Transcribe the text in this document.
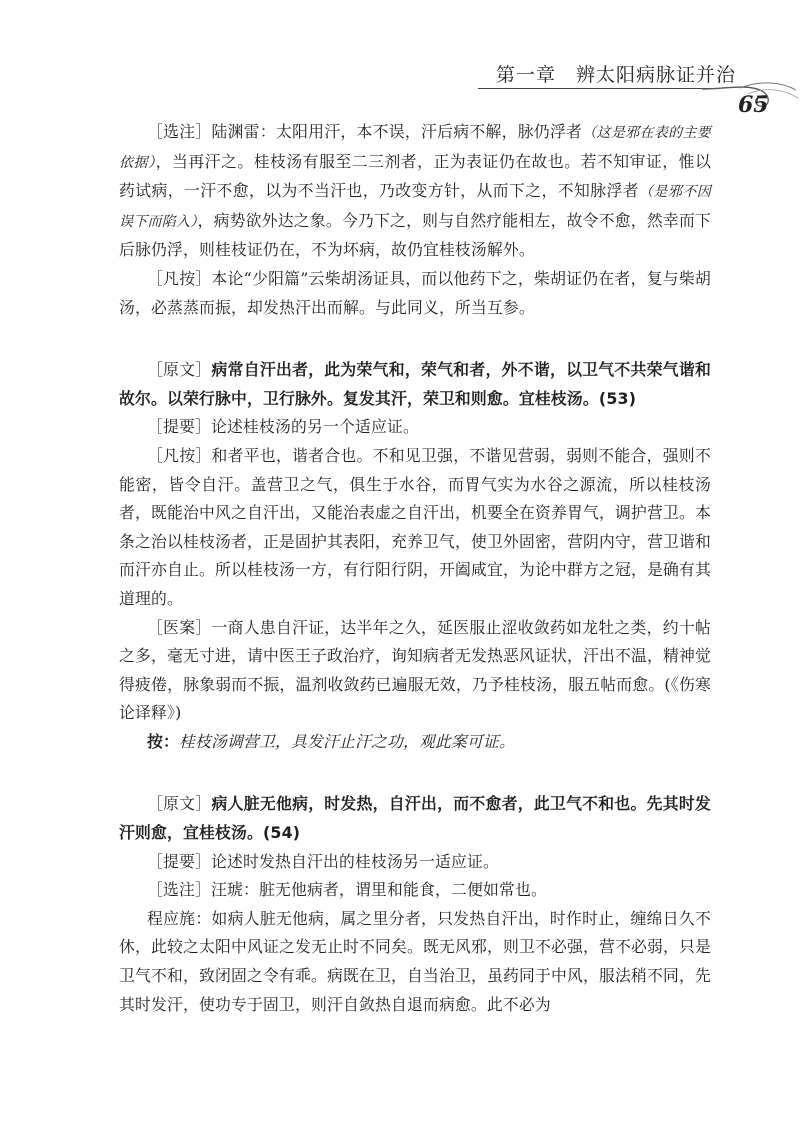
第一章　辨太阳病脉证并治
65

［选注］陆渊雷：太阳用汗，本不误，汗后病不解，脉仍浮者（这是邪在表的主要依据），当再汗之。桂枝汤有服至二三剂者，正为表证仍在故也。若不知审证，惟以药试病，一汗不愈，以为不当汗也，乃改变方针，从而下之，不知脉浮者（是邪不因误下而陷入），病势欲外达之象。今乃下之，则与自然疗能相左，故令不愈，然幸而下后脉仍浮，则桂枝证仍在，不为坏病，故仍宜桂枝汤解外。

［凡按］本论“少阳篇”云柴胡汤证具，而以他药下之，柴胡证仍在者，复与柴胡汤，必蒸蒸而振，却发热汗出而解。与此同义，所当互参。

［原文］病常自汗出者，此为荣气和，荣气和者，外不谐，以卫气不共荣气谐和故尔。以荣行脉中，卫行脉外。复发其汗，荣卫和则愈。宜桂枝汤。(53)

［提要］论述桂枝汤的另一个适应证。

［凡按］和者平也，谐者合也。不和见卫强，不谐见营弱，弱则不能合，强则不能密，皆令自汗。盖营卫之气，俱生于水谷，而胃气实为水谷之源流，所以桂枝汤者，既能治中风之自汗出，又能治表虚之自汗出，机要全在资养胃气，调护营卫。本条之治以桂枝汤者，正是固护其表阳，充养卫气，使卫外固密，营阴内守，营卫谐和而汗亦自止。所以桂枝汤一方，有行阳行阴，开阖咸宜，为论中群方之冠，是确有其道理的。

［医案］一商人患自汗证，达半年之久，延医服止涩收敛药如龙牡之类，约十帖之多，毫无寸进，请中医王子政治疗，询知病者无发热恶风证状，汗出不温，精神觉得疲倦，脉象弱而不振，温剂收敛药已遍服无效，乃予桂枝汤，服五帖而愈。(《伤寒论译释》)

按：桂枝汤调营卫，具发汗止汗之功，观此案可证。

［原文］病人脏无他病，时发热，自汗出，而不愈者，此卫气不和也。先其时发汗则愈，宜桂枝汤。(54)

［提要］论述时发热自汗出的桂枝汤另一适应证。

［选注］汪琥：脏无他病者，谓里和能食，二便如常也。

程应旄：如病人脏无他病，属之里分者，只发热自汗出，时作时止，缠绵日久不休，此较之太阳中风证之发无止时不同矣。既无风邪，则卫不必强，营不必弱，只是卫气不和，致闭固之令有乖。病既在卫，自当治卫，虽药同于中风，服法稍不同，先其时发汗，使功专于固卫，则汗自敛热自退而病愈。此不必为
